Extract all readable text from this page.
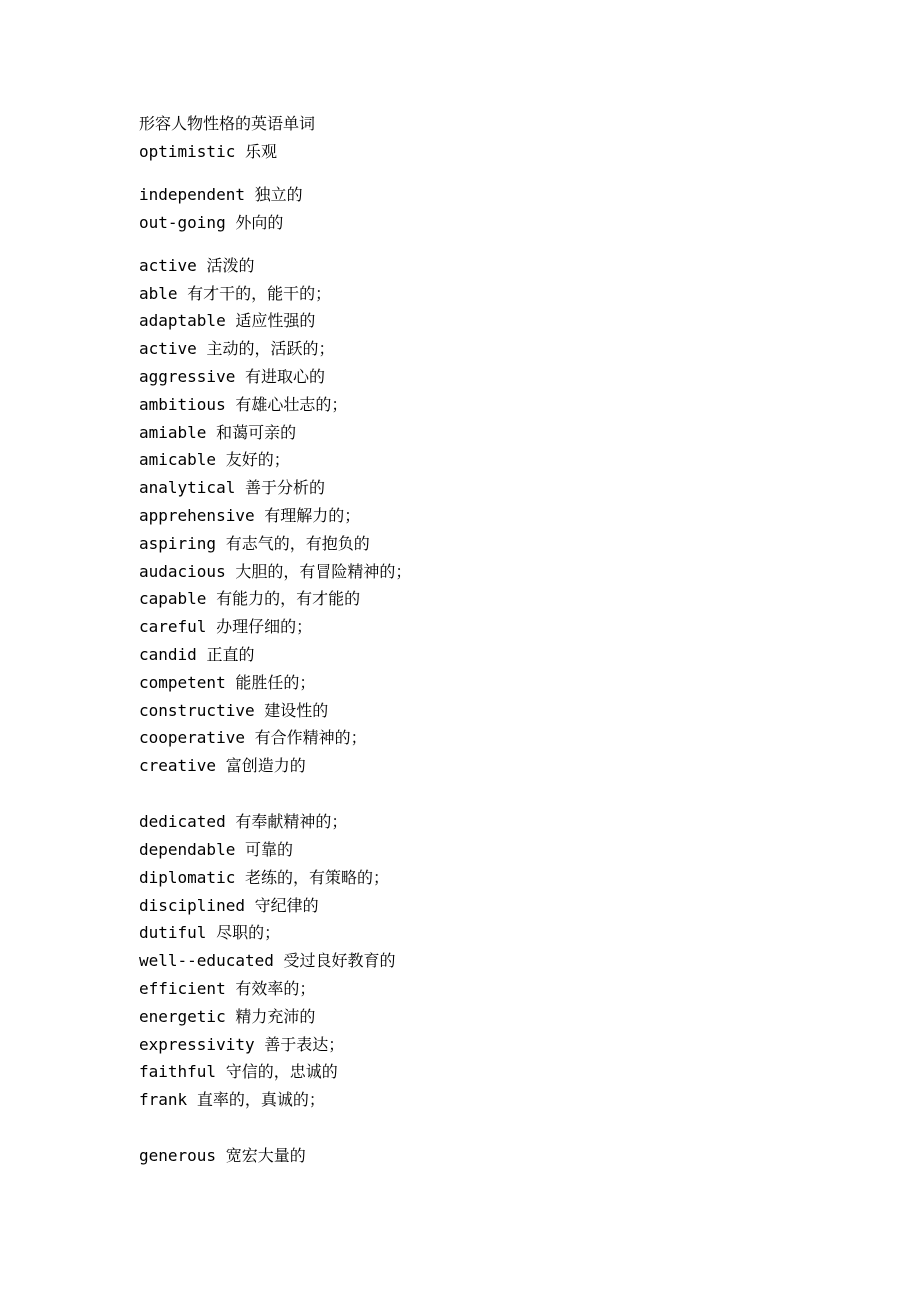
形容人物性格的英语单词
optimistic 乐观
independent 独立的
out-going 外向的
active 活泼的
able 有才干的，能干的；
adaptable 适应性强的
active 主动的，活跃的；
aggressive 有进取心的
ambitious 有雄心壮志的；
amiable 和蔼可亲的
amicable 友好的；
analytical 善于分析的
apprehensive 有理解力的；
aspiring 有志气的，有抱负的
audacious 大胆的，有冒险精神的；
capable 有能力的，有才能的
careful 办理仔细的；
candid 正直的
competent 能胜任的；
constructive 建设性的
cooperative 有合作精神的；
creative 富创造力的
dedicated 有奉献精神的；
dependable 可靠的
diplomatic 老练的，有策略的；
disciplined 守纪律的
dutiful 尽职的；
well--educated 受过良好教育的
efficient 有效率的；
energetic 精力充沛的
expressivity 善于表达；
faithful 守信的，忠诚的
frank 直率的，真诚的；
generous 宽宏大量的
